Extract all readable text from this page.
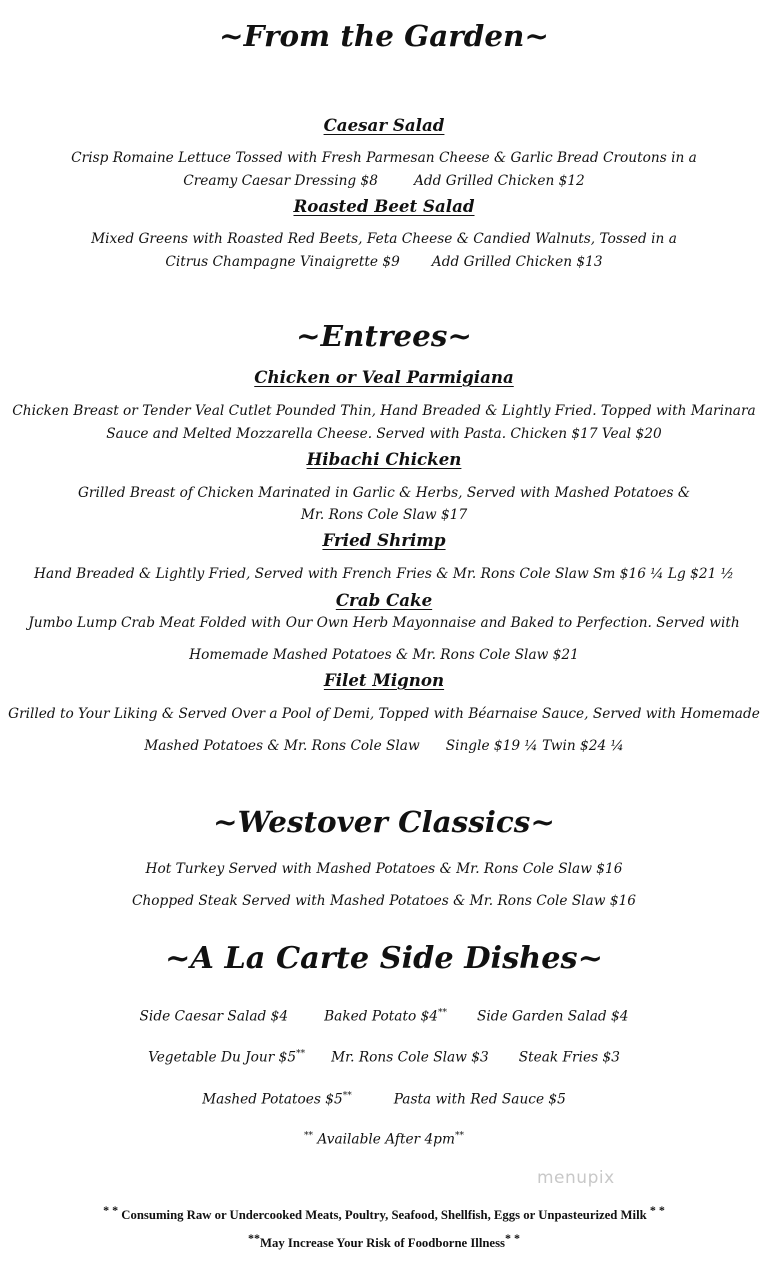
~From the Garden~
Caesar Salad
Crisp Romaine Lettuce Tossed with Fresh Parmesan Cheese & Garlic Bread Croutons in a
Creamy Caesar Dressing $8	Add Grilled Chicken $12
Roasted Beet Salad
Mixed Greens with Roasted Red Beets, Feta Cheese & Candied Walnuts, Tossed in a
Citrus Champagne Vinaigrette $9 Add Grilled Chicken $13
~Entrees~
Chicken or Veal Parmigiana
Chicken Breast or Tender Veal Cutlet Pounded Thin, Hand Breaded & Lightly Fried. Topped with Marinara
Sauce and Melted Mozzarella Cheese. Served with Pasta. Chicken $17 Veal $20
Hibachi Chicken
Grilled Breast of Chicken Marinated in Garlic & Herbs, Served with Mashed Potatoes &
Mr. Rons Cole Slaw $17
Fried Shrimp
Hand Breaded & Lightly Fried, Served with French Fries & Mr. Rons Cole Slaw Sm $16 ¼ Lg $21 ½
Crab Cake
Jumbo Lump Crab Meat Folded with Our Own Herb Mayonnaise and Baked to Perfection. Served with
Homemade Mashed Potatoes & Mr. Rons Cole Slaw $21
Filet Mignon
Grilled to Your Liking & Served Over a Pool of Demi, Topped with Béarnaise Sauce, Served with Homemade
Mashed Potatoes & Mr. Rons Cole Slaw Single $19 ¼ Twin $24 ¼
~Westover Classics~
Hot Turkey Served with Mashed Potatoes & Mr. Rons Cole Slaw $16
Chopped Steak Served with Mashed Potatoes & Mr. Rons Cole Slaw $16
~A La Carte Side Dishes~
Side Caesar Salad $4	Baked Potato $4** Side Garden Salad $4
Vegetable Du Jour $5** Mr. Rons Cole Slaw $3 Steak Fries $3
Mashed Potatoes $5**	Pasta with Red Sauce $5
** Available After 4pm**
menupix
* * Consuming Raw or Undercooked Meats, Poultry, Seafood, Shellfish, Eggs or Unpasteurized Milk * *
**May Increase Your Risk of Foodborne Illness* *
